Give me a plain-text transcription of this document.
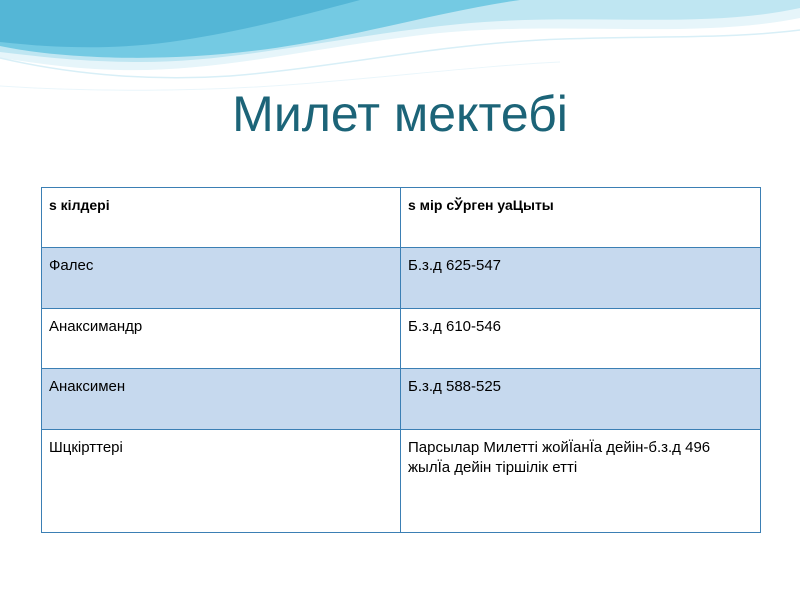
Милет мектебі
s кілдері	s мір сЎрген уаЦыты
Фалес	Б.з.д 625-547
Анаксимандр	Б.з.д 610-546
Анаксимен	Б.з.д 588-525
Шцкірттері	Парсылар Милетті жойЇанЇа дейін-б.з.д 496 жылЇа дейін тіршілік етті
